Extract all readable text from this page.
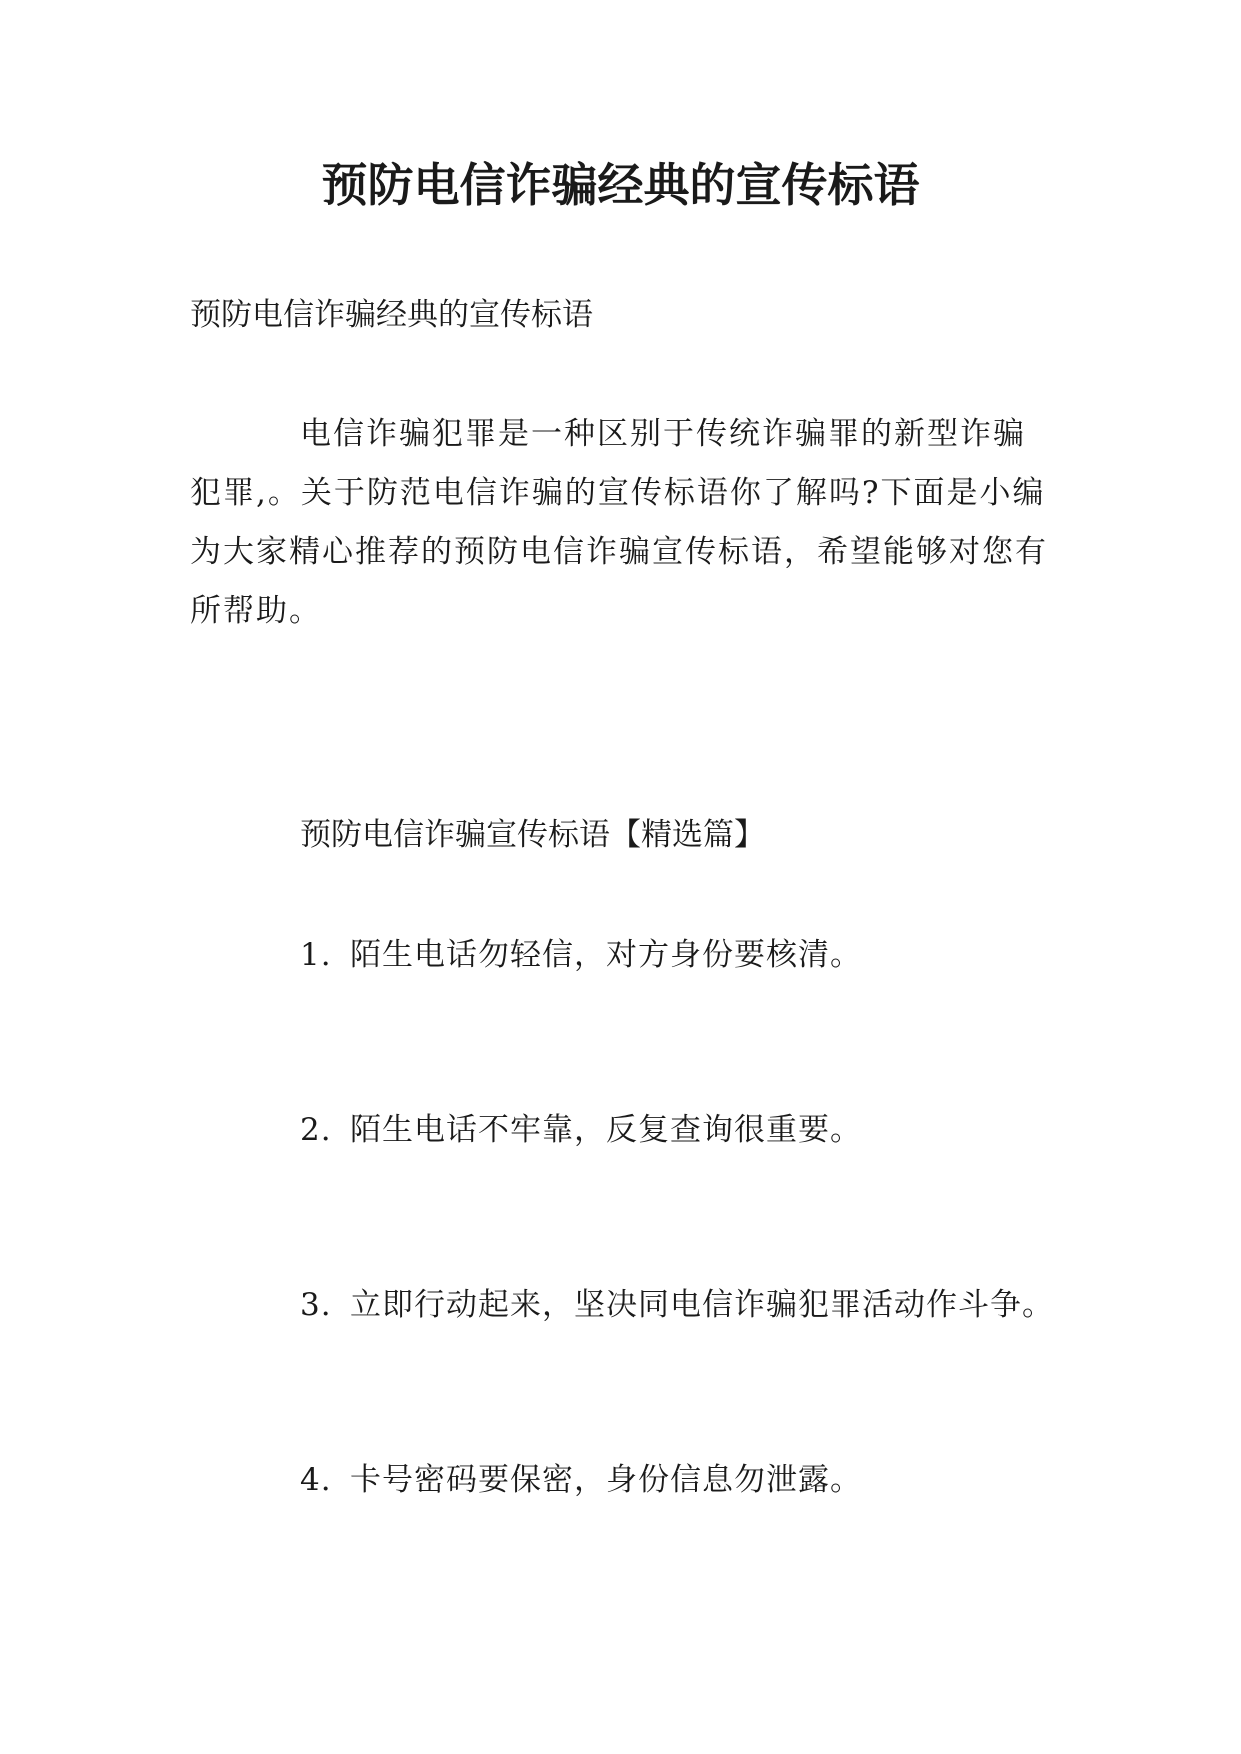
预防电信诈骗经典的宣传标语

预防电信诈骗经典的宣传标语

电信诈骗犯罪是一种区别于传统诈骗罪的新型诈骗
犯罪,。关于防范电信诈骗的宣传标语你了解吗?下面是小编
为大家精心推荐的预防电信诈骗宣传标语，希望能够对您有
所帮助。

预防电信诈骗宣传标语【精选篇】

1. 陌生电话勿轻信，对方身份要核清。

2. 陌生电话不牢靠，反复查询很重要。

3. 立即行动起来，坚决同电信诈骗犯罪活动作斗争。

4. 卡号密码要保密，身份信息勿泄露。
